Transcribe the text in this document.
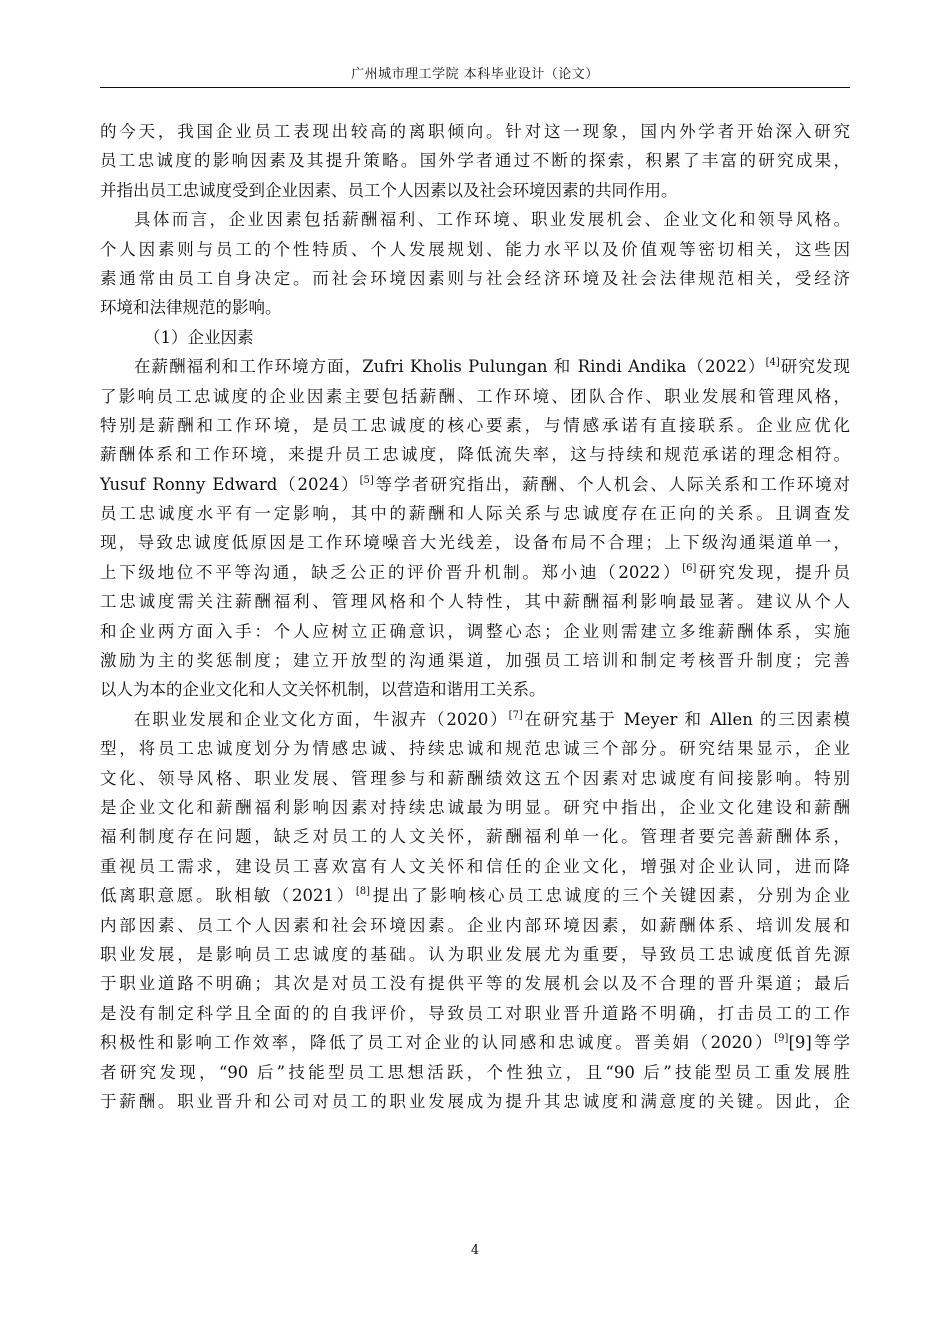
广州城市理工学院 本科毕业设计（论文）
的今天，我国企业员工表现出较高的离职倾向。针对这一现象，国内外学者开始深入研究
员工忠诚度的影响因素及其提升策略。国外学者通过不断的探索，积累了丰富的研究成果，
并指出员工忠诚度受到企业因素、员工个人因素以及社会环境因素的共同作用。
具体而言，企业因素包括薪酬福利、工作环境、职业发展机会、企业文化和领导风格。
个人因素则与员工的个性特质、个人发展规划、能力水平以及价值观等密切相关，这些因
素通常由员工自身决定。而社会环境因素则与社会经济环境及社会法律规范相关，受经济
环境和法律规范的影响。
（1）企业因素
在薪酬福利和工作环境方面，Zufri Kholis Pulungan 和 Rindi Andika（2022）[4]研究发现
了影响员工忠诚度的企业因素主要包括薪酬、工作环境、团队合作、职业发展和管理风格，
特别是薪酬和工作环境，是员工忠诚度的核心要素，与情感承诺有直接联系。企业应优化
薪酬体系和工作环境，来提升员工忠诚度，降低流失率，这与持续和规范承诺的理念相符。
Yusuf Ronny Edward（2024）[5]等学者研究指出，薪酬、个人机会、人际关系和工作环境对
员工忠诚度水平有一定影响，其中的薪酬和人际关系与忠诚度存在正向的关系。且调查发
现，导致忠诚度低原因是工作环境噪音大光线差，设备布局不合理；上下级沟通渠道单一，
上下级地位不平等沟通，缺乏公正的评价晋升机制。郑小迪（2022）[6]研究发现，提升员
工忠诚度需关注薪酬福利、管理风格和个人特性，其中薪酬福利影响最显著。建议从个人
和企业两方面入手：个人应树立正确意识，调整心态；企业则需建立多维薪酬体系，实施
激励为主的奖惩制度；建立开放型的沟通渠道，加强员工培训和制定考核晋升制度；完善
以人为本的企业文化和人文关怀机制，以营造和谐用工关系。
在职业发展和企业文化方面，牛淑卉（2020）[7]在研究基于 Meyer 和 Allen 的三因素模
型，将员工忠诚度划分为情感忠诚、持续忠诚和规范忠诚三个部分。研究结果显示，企业
文化、领导风格、职业发展、管理参与和薪酬绩效这五个因素对忠诚度有间接影响。特别
是企业文化和薪酬福利影响因素对持续忠诚最为明显。研究中指出，企业文化建设和薪酬
福利制度存在问题，缺乏对员工的人文关怀，薪酬福利单一化。管理者要完善薪酬体系，
重视员工需求，建设员工喜欢富有人文关怀和信任的企业文化，增强对企业认同，进而降
低离职意愿。耿相敏（2021）[8]提出了影响核心员工忠诚度的三个关键因素，分别为企业
内部因素、员工个人因素和社会环境因素。企业内部环境因素，如薪酬体系、培训发展和
职业发展，是影响员工忠诚度的基础。认为职业发展尤为重要，导致员工忠诚度低首先源
于职业道路不明确；其次是对员工没有提供平等的发展机会以及不合理的晋升渠道；最后
是没有制定科学且全面的的自我评价，导致员工对职业晋升道路不明确，打击员工的工作
积极性和影响工作效率，降低了员工对企业的认同感和忠诚度。晋美娟（2020）[9][9]等学
者研究发现，“90 后”技能型员工思想活跃，个性独立，且“90 后”技能型员工重发展胜
于薪酬。职业晋升和公司对员工的职业发展成为提升其忠诚度和满意度的关键。因此，企
4
